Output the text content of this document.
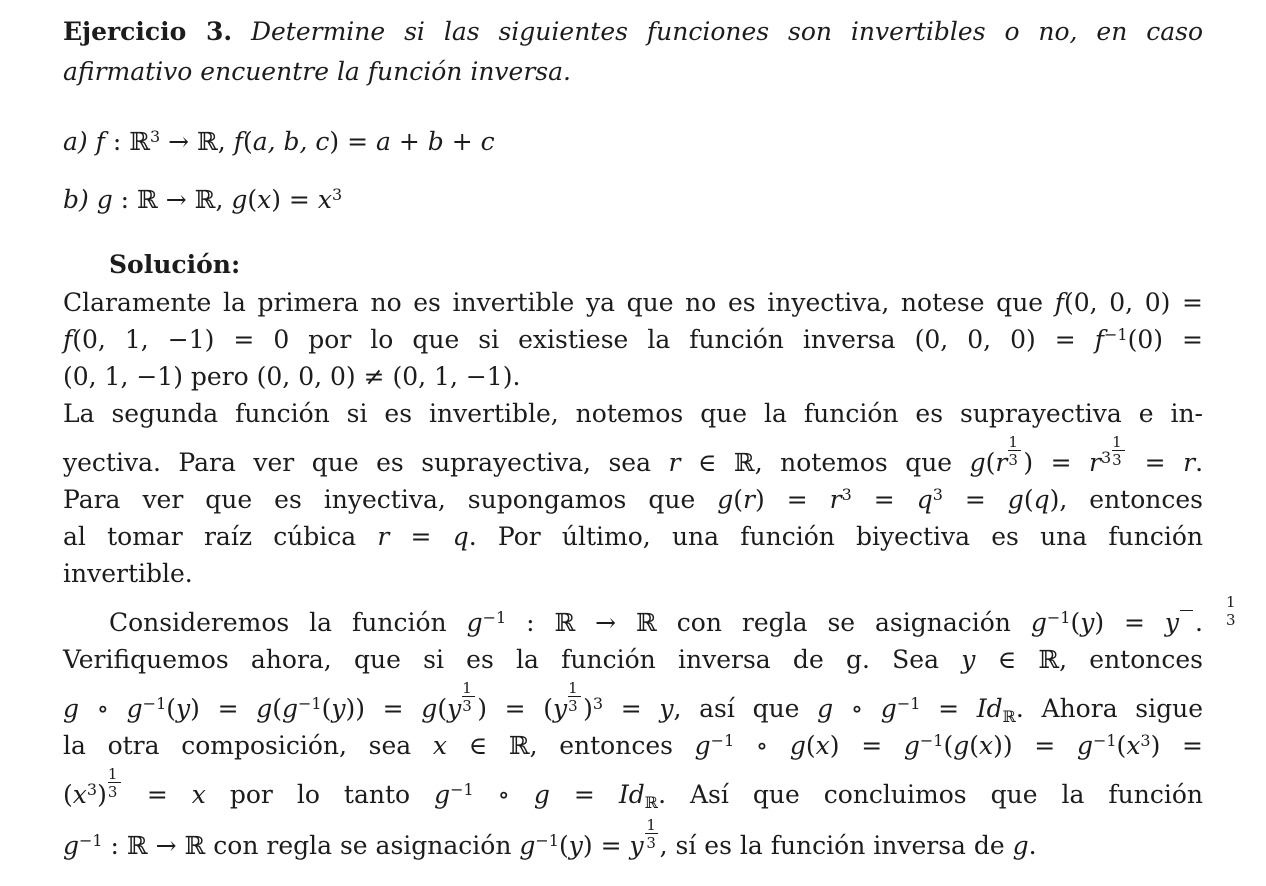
Ejercicio 3. Determine si las siguientes funciones son invertibles o no, en caso
afirmativo encuentre la función inversa.
a) f : ℝ$^3$ → ℝ, f(a, b, c) = a + b + c
b) g : ℝ → ℝ, $g(x) = x^3$
Solución:
Claramente la primera no es invertible ya que no es inyectiva, notese que f(0, 0, 0) =
f(0, 1, −1) = 0 por lo que si existiese la función inversa (0, 0, $0) = f^{-1}(0)$ =
(0, 1, −1) pero (0, 0, 0) ≠ (0, 1, −1).
La segunda función si es invertible, notemos que la función es suprayectiva e in-
yectiva. Para ver que es suprayectiva, sea r ∈ ℝ, notemos que $g(r \frac{1}{3}$ ) = $r^3 \frac{1}{3} = r$.
Para ver que es inyectiva, supongamos que $g(r) = r^3 = q^3 = g(q)$, entonces
al tomar raíz cúbica r = q. Por último, una función biyectiva es una función
invertible.
Consideremos la función $g^{-1}$ : ℝ → ℝ con regla se asignación $g^{-1}(y) = y \frac{1}{3}$ .
Verifiquemos ahora, que si es la función inversa de g. Sea y ∈ ℝ, entonces
g ∘ $g^{-1}(y) = g(g^{-1}(y)) = g(y \frac{1}{3}$ ) = $(y \frac{1}{3} )^3 = y$, así que g ∘ $g^{-1} = Id_ℝ$. Ahora sigue
la otra composición, sea x ∈ ℝ, entonces $g^{-1}$ ∘ $g(x) = g^{-1}(g(x)) = g^{-1}(x^3)$ =
$(x^3) \frac{1}{3} = x$ por lo tanto $g^{-1}$ ∘ $g = Id_ℝ$. Así que concluimos que la función
$g^{-1}$ : ℝ → ℝ con regla se asignación $g^{-1}(y) = y \frac{1}{3}$ , sí es la función inversa de g.
